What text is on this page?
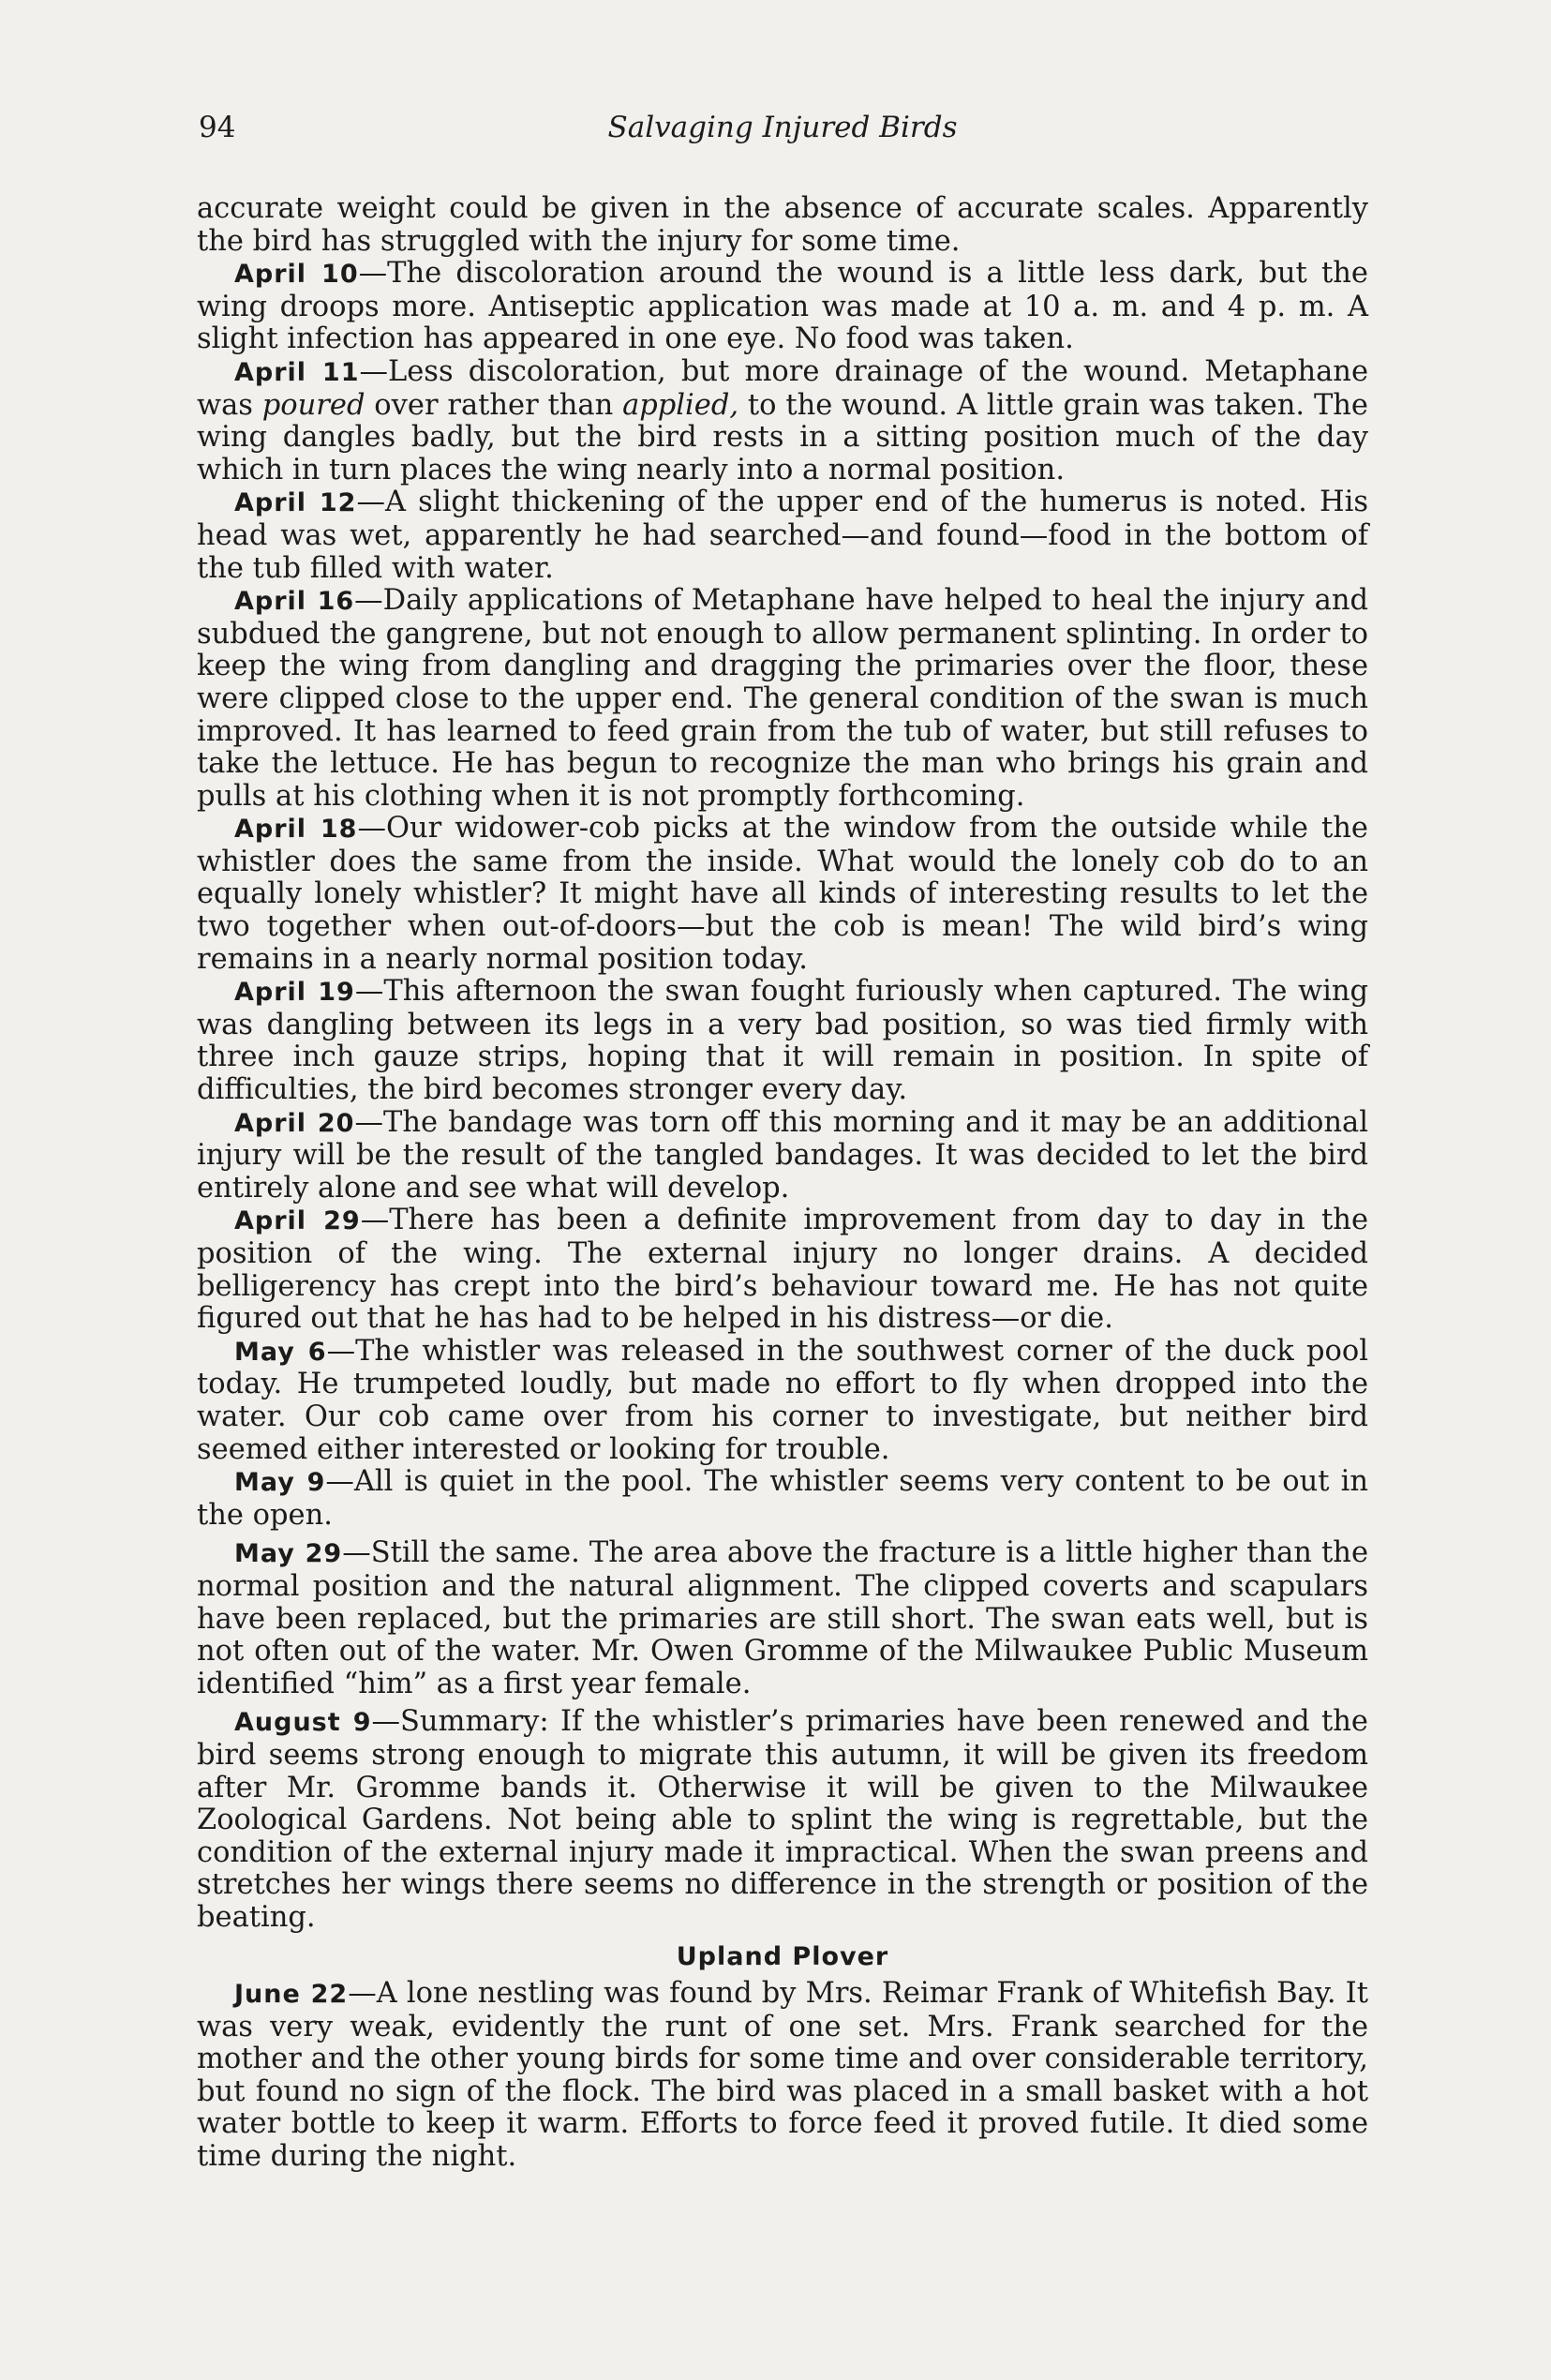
94	Salvaging Injured Birds

accurate weight could be given in the absence of accurate scales. Apparently the bird has struggled with the injury for some time.

April 10—The discoloration around the wound is a little less dark, but the wing droops more. Antiseptic application was made at 10 a. m. and 4 p. m. A slight infection has appeared in one eye. No food was taken.

April 11—Less discoloration, but more drainage of the wound. Metaphane was poured over rather than applied, to the wound. A little grain was taken. The wing dangles badly, but the bird rests in a sitting position much of the day which in turn places the wing nearly into a normal position.

April 12—A slight thickening of the upper end of the humerus is noted. His head was wet, apparently he had searched—and found—food in the bottom of the tub filled with water.

April 16—Daily applications of Metaphane have helped to heal the injury and subdued the gangrene, but not enough to allow permanent splinting. In order to keep the wing from dangling and dragging the primaries over the floor, these were clipped close to the upper end. The general condition of the swan is much improved. It has learned to feed grain from the tub of water, but still refuses to take the lettuce. He has begun to recognize the man who brings his grain and pulls at his clothing when it is not promptly forthcoming.

April 18—Our widower-cob picks at the window from the outside while the whistler does the same from the inside. What would the lonely cob do to an equally lonely whistler? It might have all kinds of interesting results to let the two together when out-of-doors—but the cob is mean! The wild bird’s wing remains in a nearly normal position today.

April 19—This afternoon the swan fought furiously when captured. The wing was dangling between its legs in a very bad position, so was tied firmly with three inch gauze strips, hoping that it will remain in position. In spite of difficulties, the bird becomes stronger every day.

April 20—The bandage was torn off this morning and it may be an additional injury will be the result of the tangled bandages. It was decided to let the bird entirely alone and see what will develop.

April 29—There has been a definite improvement from day to day in the position of the wing. The external injury no longer drains. A decided belligerency has crept into the bird’s behaviour toward me. He has not quite figured out that he has had to be helped in his distress—or die.

May 6—The whistler was released in the southwest corner of the duck pool today. He trumpeted loudly, but made no effort to fly when dropped into the water. Our cob came over from his corner to investigate, but neither bird seemed either interested or looking for trouble.

May 9—All is quiet in the pool. The whistler seems very content to be out in the open.

May 29—Still the same. The area above the fracture is a little higher than the normal position and the natural alignment. The clipped coverts and scapulars have been replaced, but the primaries are still short. The swan eats well, but is not often out of the water. Mr. Owen Gromme of the Milwaukee Public Museum identified “him” as a first year female.

August 9—Summary: If the whistler’s primaries have been renewed and the bird seems strong enough to migrate this autumn, it will be given its freedom after Mr. Gromme bands it. Otherwise it will be given to the Milwaukee Zoological Gardens. Not being able to splint the wing is regrettable, but the condition of the external injury made it impractical. When the swan preens and stretches her wings there seems no difference in the strength or position of the beating.

Upland Plover

June 22—A lone nestling was found by Mrs. Reimar Frank of Whitefish Bay. It was very weak, evidently the runt of one set. Mrs. Frank searched for the mother and the other young birds for some time and over considerable territory, but found no sign of the flock. The bird was placed in a small basket with a hot water bottle to keep it warm. Efforts to force feed it proved futile. It died some time during the night.
